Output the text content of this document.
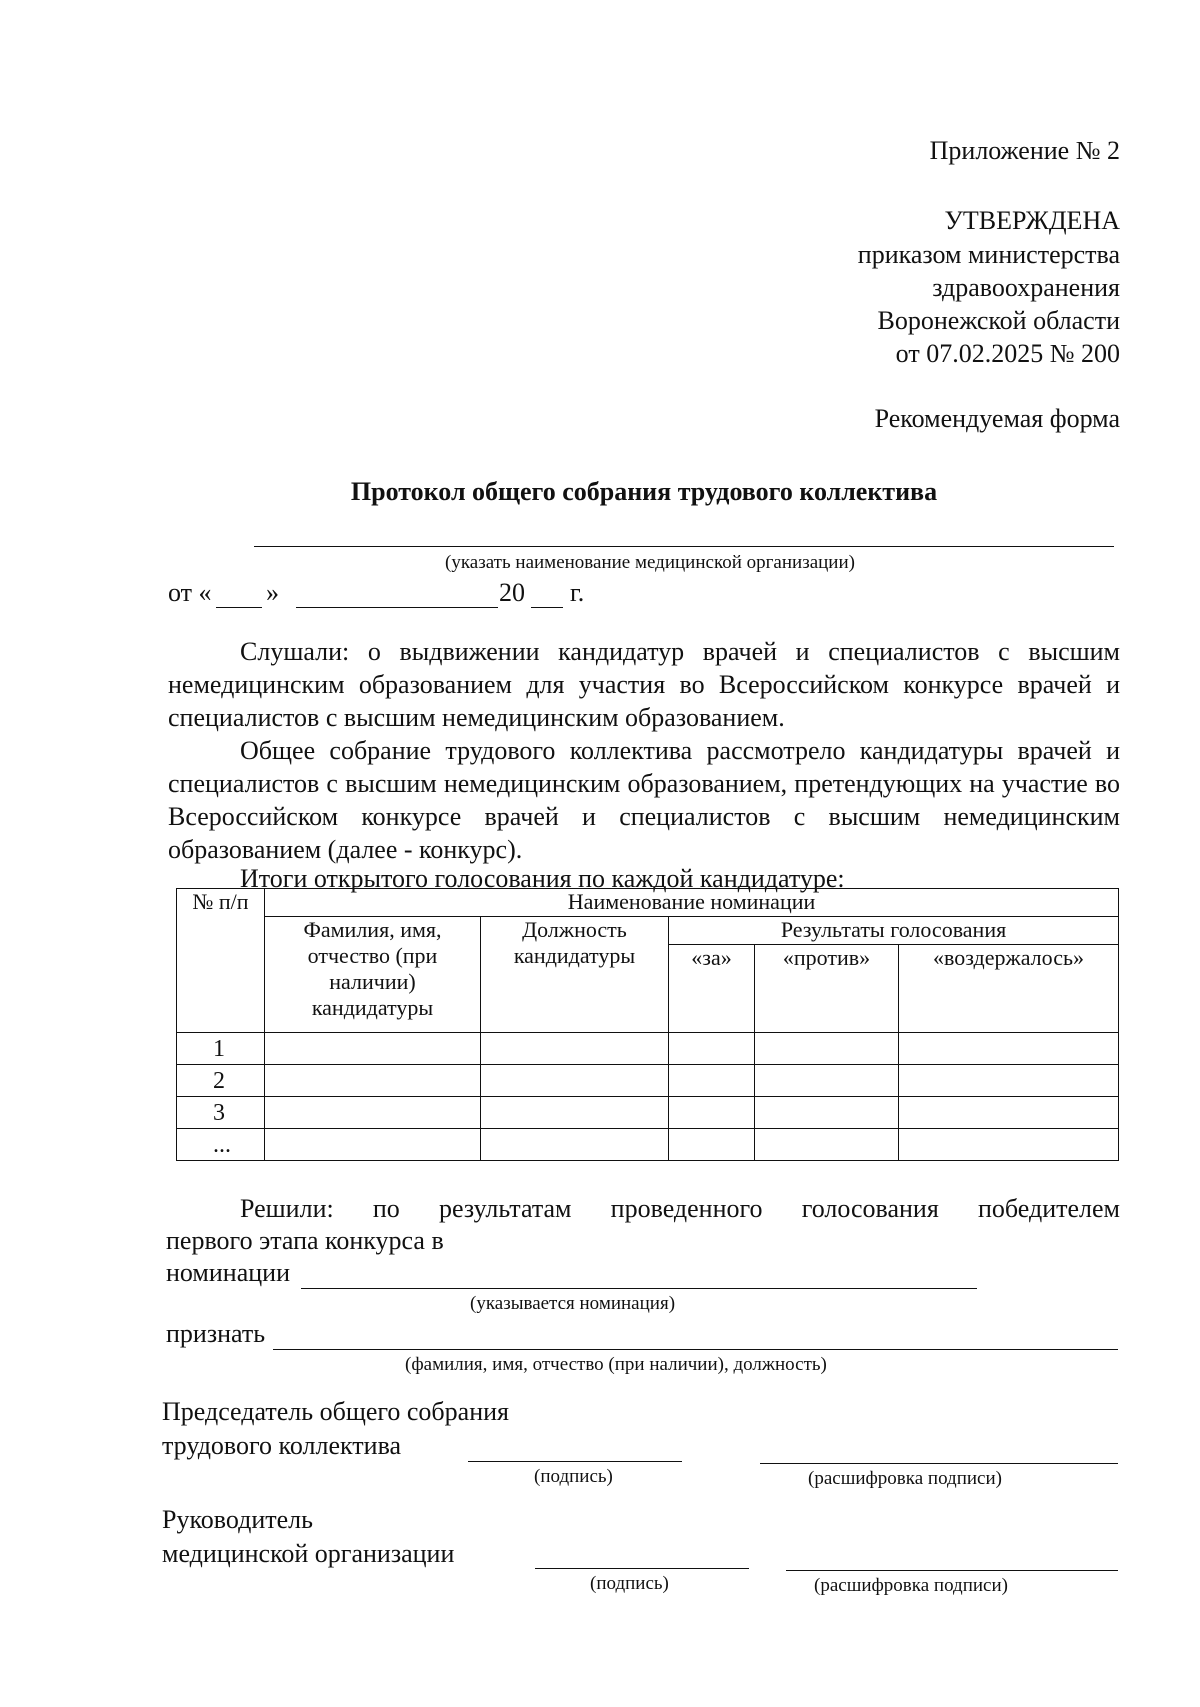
Приложение № 2
УТВЕРЖДЕНА
приказом министерства
здравоохранения
Воронежской области
от 07.02.2025 № 200
Рекомендуемая форма
Протокол общего собрания трудового коллектива
(указать наименование медицинской организации)
от « »	20 г.
Слушали: о выдвижении кандидатур врачей и специалистов с высшим немедицинским образованием для участия во Всероссийском конкурсе врачей и специалистов с высшим немедицинским образованием.
Общее собрание трудового коллектива рассмотрело кандидатуры врачей и специалистов с высшим немедицинским образованием, претендующих на участие во Всероссийском конкурсе врачей и специалистов с высшим немедицинским образованием (далее - конкурс).
Итоги открытого голосования по каждой кандидатуре:
№ п/п	Наименование номинации				
	Фамилия, имя, отчество (при наличии) кандидатуры	Должность кандидатуры	Результаты голосования		
			«за»	«против»	«воздержалось»
1					
2					
3					
...					
Решили: по результатам проведенного голосования победителем
первого этапа конкурса в
номинации
(указывается номинация)
признать
(фамилия, имя, отчество (при наличии), должность)
Председатель общего собрания
трудового коллектива
(подпись)	(расшифровка подписи)
Руководитель
медицинской организации
(подпись)	(расшифровка подписи)
